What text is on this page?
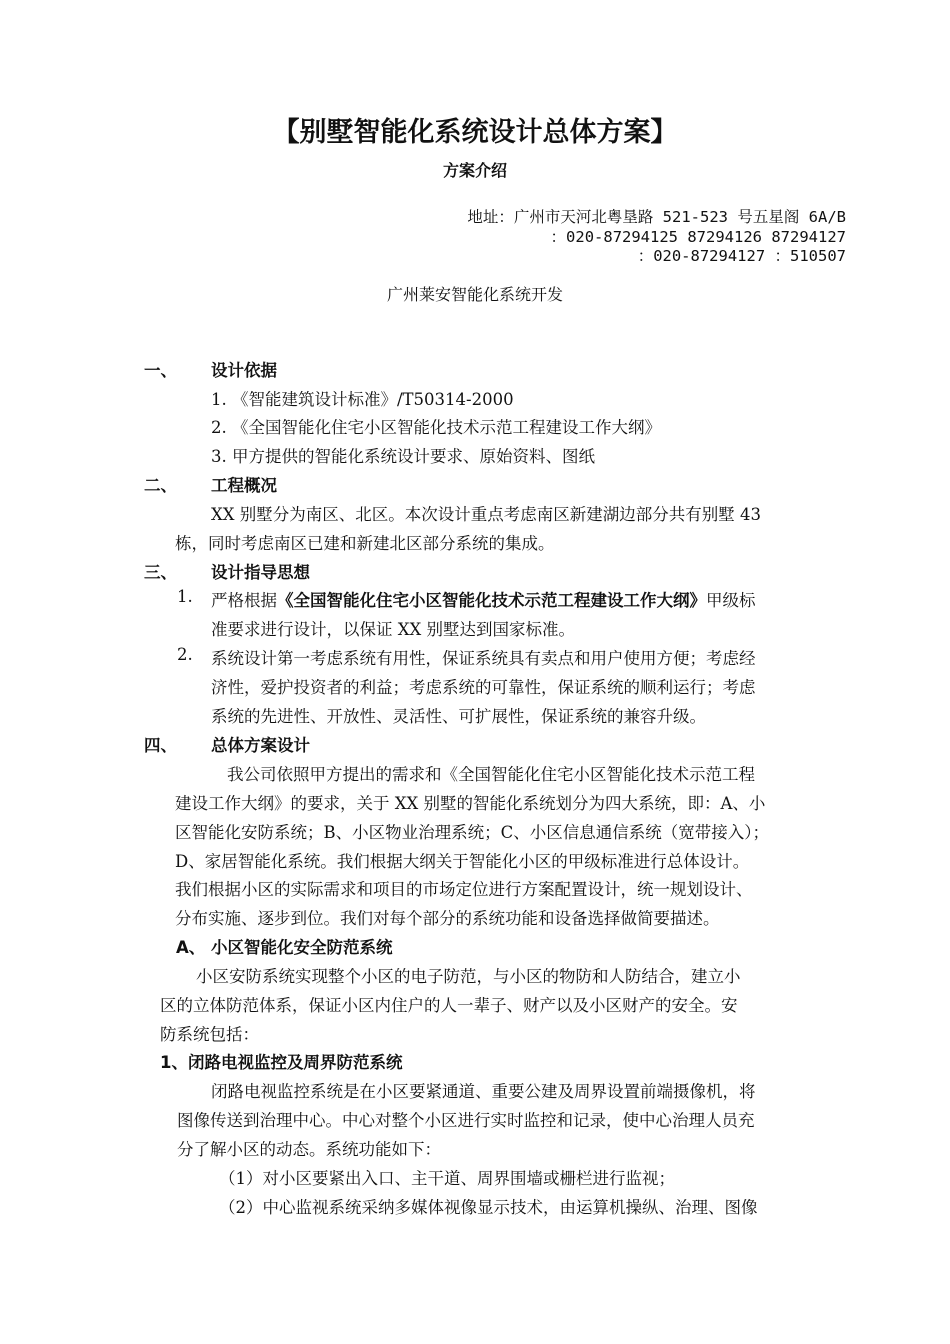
【别墅智能化系统设计总体方案】
方案介绍
地址：广州市天河北粤垦路 521-523 号五星阁 6A/B
：020-87294125 87294126 87294127
：020-87294127 ：510507
广州莱安智能化系统开发
一、 设计依据
1. 《智能建筑设计标准》/T50314-2000
2. 《全国智能化住宅小区智能化技术示范工程建设工作大纲》
3. 甲方提供的智能化系统设计要求、原始资料、图纸
二、 工程概况
XX 别墅分为南区、北区。本次设计重点考虑南区新建湖边部分共有别墅 43
栋，同时考虑南区已建和新建北区部分系统的集成。
三、 设计指导思想
1. 严格根据《全国智能化住宅小区智能化技术示范工程建设工作大纲》甲级标
准要求进行设计，以保证 XX 别墅达到国家标准。
2. 系统设计第一考虑系统有用性，保证系统具有卖点和用户使用方便；考虑经
济性，爱护投资者的利益；考虑系统的可靠性，保证系统的顺利运行；考虑
系统的先进性、开放性、灵活性、可扩展性，保证系统的兼容升级。
四、 总体方案设计
我公司依照甲方提出的需求和《全国智能化住宅小区智能化技术示范工程
建设工作大纲》的要求，关于 XX 别墅的智能化系统划分为四大系统，即：A、小
区智能化安防系统；B、小区物业治理系统；C、小区信息通信系统（宽带接入）；
D、家居智能化系统。我们根据大纲关于智能化小区的甲级标准进行总体设计。
我们根据小区的实际需求和项目的市场定位进行方案配置设计，统一规划设计、
分布实施、逐步到位。我们对每个部分的系统功能和设备选择做简要描述。
A、 小区智能化安全防范系统
小区安防系统实现整个小区的电子防范，与小区的物防和人防结合，建立小
区的立体防范体系，保证小区内住户的人一辈子、财产以及小区财产的安全。安
防系统包括：
1、闭路电视监控及周界防范系统
闭路电视监控系统是在小区要紧通道、重要公建及周界设置前端摄像机，将
图像传送到治理中心。中心对整个小区进行实时监控和记录，使中心治理人员充
分了解小区的动态。系统功能如下：
（1）对小区要紧出入口、主干道、周界围墙或栅栏进行监视；
（2）中心监视系统采纳多媒体视像显示技术，由运算机操纵、治理、图像
